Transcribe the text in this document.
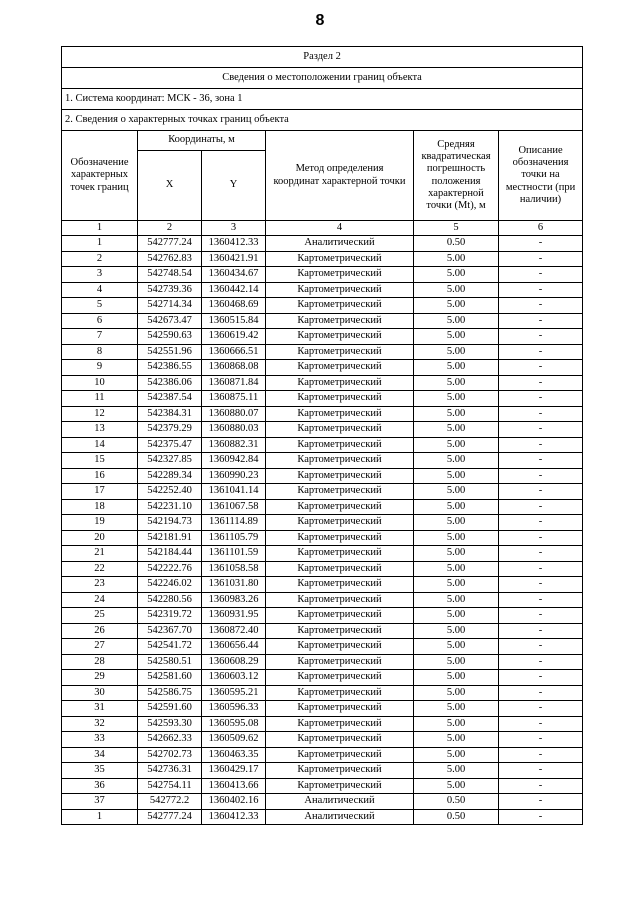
8
Раздел 2					
Сведения о местоположении границ объекта					
1. Система координат: МСК - 36, зона 1					
2. Сведения о характерных точках границ объекта					
Обозначение характерных точек границ	Координаты, м		Метод определения координат характерной точки	Средняя квадратическая погрешность положения характерной точки (Mt), м	Описание обозначения точки на местности (при наличии)
	X	Y			
1	2	3	4	5	6
1	542777.24	1360412.33	Аналитический	0.50	-
2	542762.83	1360421.91	Картометрический	5.00	-
3	542748.54	1360434.67	Картометрический	5.00	-
4	542739.36	1360442.14	Картометрический	5.00	-
5	542714.34	1360468.69	Картометрический	5.00	-
6	542673.47	1360515.84	Картометрический	5.00	-
7	542590.63	1360619.42	Картометрический	5.00	-
8	542551.96	1360666.51	Картометрический	5.00	-
9	542386.55	1360868.08	Картометрический	5.00	-
10	542386.06	1360871.84	Картометрический	5.00	-
11	542387.54	1360875.11	Картометрический	5.00	-
12	542384.31	1360880.07	Картометрический	5.00	-
13	542379.29	1360880.03	Картометрический	5.00	-
14	542375.47	1360882.31	Картометрический	5.00	-
15	542327.85	1360942.84	Картометрический	5.00	-
16	542289.34	1360990.23	Картометрический	5.00	-
17	542252.40	1361041.14	Картометрический	5.00	-
18	542231.10	1361067.58	Картометрический	5.00	-
19	542194.73	1361114.89	Картометрический	5.00	-
20	542181.91	1361105.79	Картометрический	5.00	-
21	542184.44	1361101.59	Картометрический	5.00	-
22	542222.76	1361058.58	Картометрический	5.00	-
23	542246.02	1361031.80	Картометрический	5.00	-
24	542280.56	1360983.26	Картометрический	5.00	-
25	542319.72	1360931.95	Картометрический	5.00	-
26	542367.70	1360872.40	Картометрический	5.00	-
27	542541.72	1360656.44	Картометрический	5.00	-
28	542580.51	1360608.29	Картометрический	5.00	-
29	542581.60	1360603.12	Картометрический	5.00	-
30	542586.75	1360595.21	Картометрический	5.00	-
31	542591.60	1360596.33	Картометрический	5.00	-
32	542593.30	1360595.08	Картометрический	5.00	-
33	542662.33	1360509.62	Картометрический	5.00	-
34	542702.73	1360463.35	Картометрический	5.00	-
35	542736.31	1360429.17	Картометрический	5.00	-
36	542754.11	1360413.66	Картометрический	5.00	-
37	542772.2	1360402.16	Аналитический	0.50	-
1	542777.24	1360412.33	Аналитический	0.50	-
